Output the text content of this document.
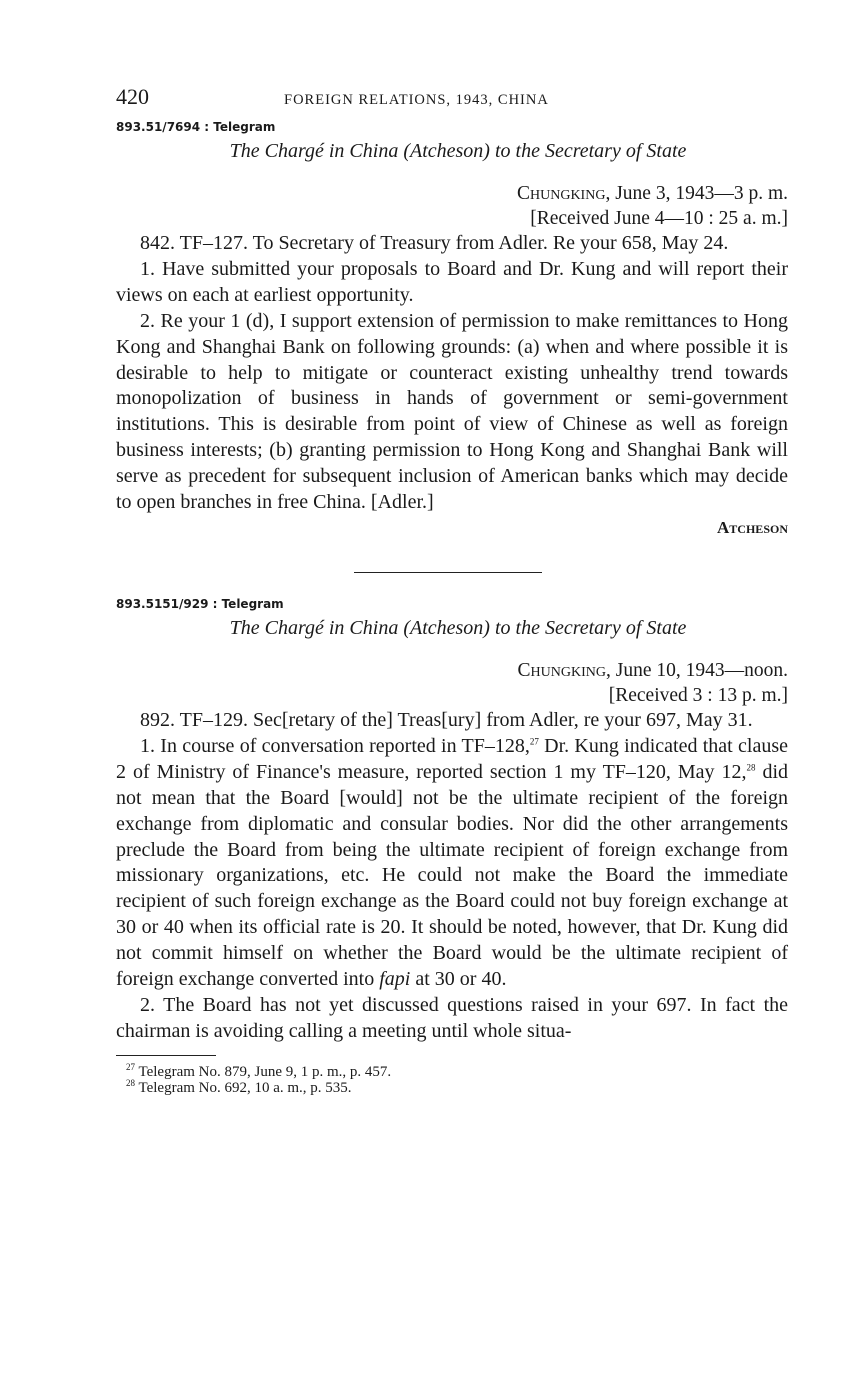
420	FOREIGN RELATIONS, 1943, CHINA
893.51/7694 : Telegram
The Chargé in China (Atcheson) to the Secretary of State
Chungking, June 3, 1943—3 p. m.
[Received June 4—10 : 25 a. m.]

842. TF–127. To Secretary of Treasury from Adler. Re your 658, May 24.

1. Have submitted your proposals to Board and Dr. Kung and will report their views on each at earliest opportunity.

2. Re your 1 (d), I support extension of permission to make remittances to Hong Kong and Shanghai Bank on following grounds: (a) when and where possible it is desirable to help to mitigate or counteract existing unhealthy trend towards monopolization of business in hands of government or semi-government institutions. This is desirable from point of view of Chinese as well as foreign business interests; (b) granting permission to Hong Kong and Shanghai Bank will serve as precedent for subsequent inclusion of American banks which may decide to open branches in free China. [Adler.]

Atcheson
893.5151/929 : Telegram
The Chargé in China (Atcheson) to the Secretary of State
Chungking, June 10, 1943—noon.
[Received 3 : 13 p. m.]

892. TF–129. Sec[retary of the] Treas[ury] from Adler, re your 697, May 31.

1. In course of conversation reported in TF–128,27 Dr. Kung indicated that clause 2 of Ministry of Finance's measure, reported section 1 my TF–120, May 12,28 did not mean that the Board [would] not be the ultimate recipient of the foreign exchange from diplomatic and consular bodies. Nor did the other arrangements preclude the Board from being the ultimate recipient of foreign exchange from missionary organizations, etc. He could not make the Board the immediate recipient of such foreign exchange as the Board could not buy foreign exchange at 30 or 40 when its official rate is 20. It should be noted, however, that Dr. Kung did not commit himself on whether the Board would be the ultimate recipient of foreign exchange converted into fapi at 30 or 40.

2. The Board has not yet discussed questions raised in your 697. In fact the chairman is avoiding calling a meeting until whole situa-

$^{27}$ Telegram No. 879, June 9, 1 p. m., p. 457.
$^{28}$ Telegram No. 692, 10 a. m., p. 535.
